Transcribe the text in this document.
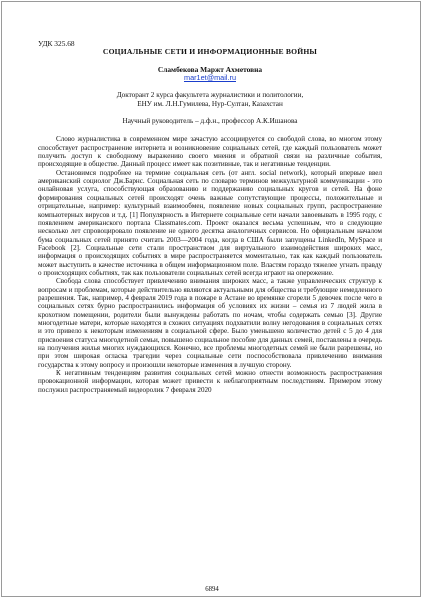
УДК 325.68
СОЦИАЛЬНЫЕ СЕТИ И ИНФОРМАЦИОННЫЕ ВОЙНЫ
Сламбекова Маржт Ахметовна
mar1et@mail.ru
Докторант 2 курса факультета журналистики и политологии,
ЕНУ им. Л.Н.Гумилева, Нур-Султан, Казахстан
Научный руководитель – д.ф.н., профессор А.К.Ишанова

Слово журналистика в современном мире зачастую ассоциируется со свободой слова, во многом этому способствует распространение интернета и возникновение социальных сетей, где каждый пользователь может получить доступ к свободному выражению своего мнения и обратной связи на различные события, происходящие в обществе. Данный процесс имеет как позитивные, так и негативные тенденции.

Остановимся подробнее на термине социальная сеть (от англ. social network), который впервые ввел американский социолог Дж.Барнс. Социальная сеть по словарю терминов межкультурной коммуникации - это онлайновая услуга, способствующая образованию и поддержанию социальных кругов и сетей. На фоне формирования социальных сетей происходят очень важные сопутствующие процессы, положительные и отрицательные, например: культурный взаимообмен, появление новых социальных групп, распространение компьютерных вирусов и т.д. [1] Популярность в Интернете социальные сети начали завоевывать в 1995 году, с появлением американского портала Classmates.com. Проект оказался весьма успешным, что в следующие несколько лет спровоцировало появление не одного десятка аналогичных сервисов. Но официальным началом бума социальных сетей принято считать 2003—2004 года, когда в США были запущены LinkedIn, MySpace и Facebook [2]. Социальные сети стали пространством для виртуального взаимодействия широких масс, информация о происходящих событиях в мире распространяется моментально, так как каждый пользователь может выступить в качестве источника в общем информационном поле. Властям гораздо тяжелее угнать правду о происходящих событиях, так как пользователи социальных сетей всегда играют на опережение.

Свобода слова способствует привлечению внимания широких масс, а также управленческих структур к вопросам и проблемам, которые действительно являются актуальными для общества и требующие немедленного разрешения. Так, например, 4 февраля 2019 года в пожаре в Астане во времянке сгорели 5 девочек после чего в социальных сетях бурно распространились информация об условиях их жизни – семья из 7 людей жила в крохотном помещении, родители были вынуждены работать по ночам, чтобы содержать семью [3]. Другие многодетные матери, которые находятся в схожих ситуациях подхватили волну негодования в социальных сетях и это привело к некоторым изменениям в социальной сфере. Было уменьшено количество детей с 5 до 4 для присвоения статуса многодетной семьи, повышено социальное пособие для данных семей, поставлены в очередь на получения жилья многих нуждающихся. Конечно, все проблемы многодетных семей не были разрешены, но при этом широкая огласка трагедии через социальные сети поспособствовала привлечению внимания государства к этому вопросу и произошли некоторые изменения в лучшую сторону.

К негативным тенденциям развития социальных сетей можно отнести возможность распространения провокационной информации, которая может привести к неблагоприятным последствиям. Примером этому послужил распространяемый видеоролик 7 февраля 2020

6894
